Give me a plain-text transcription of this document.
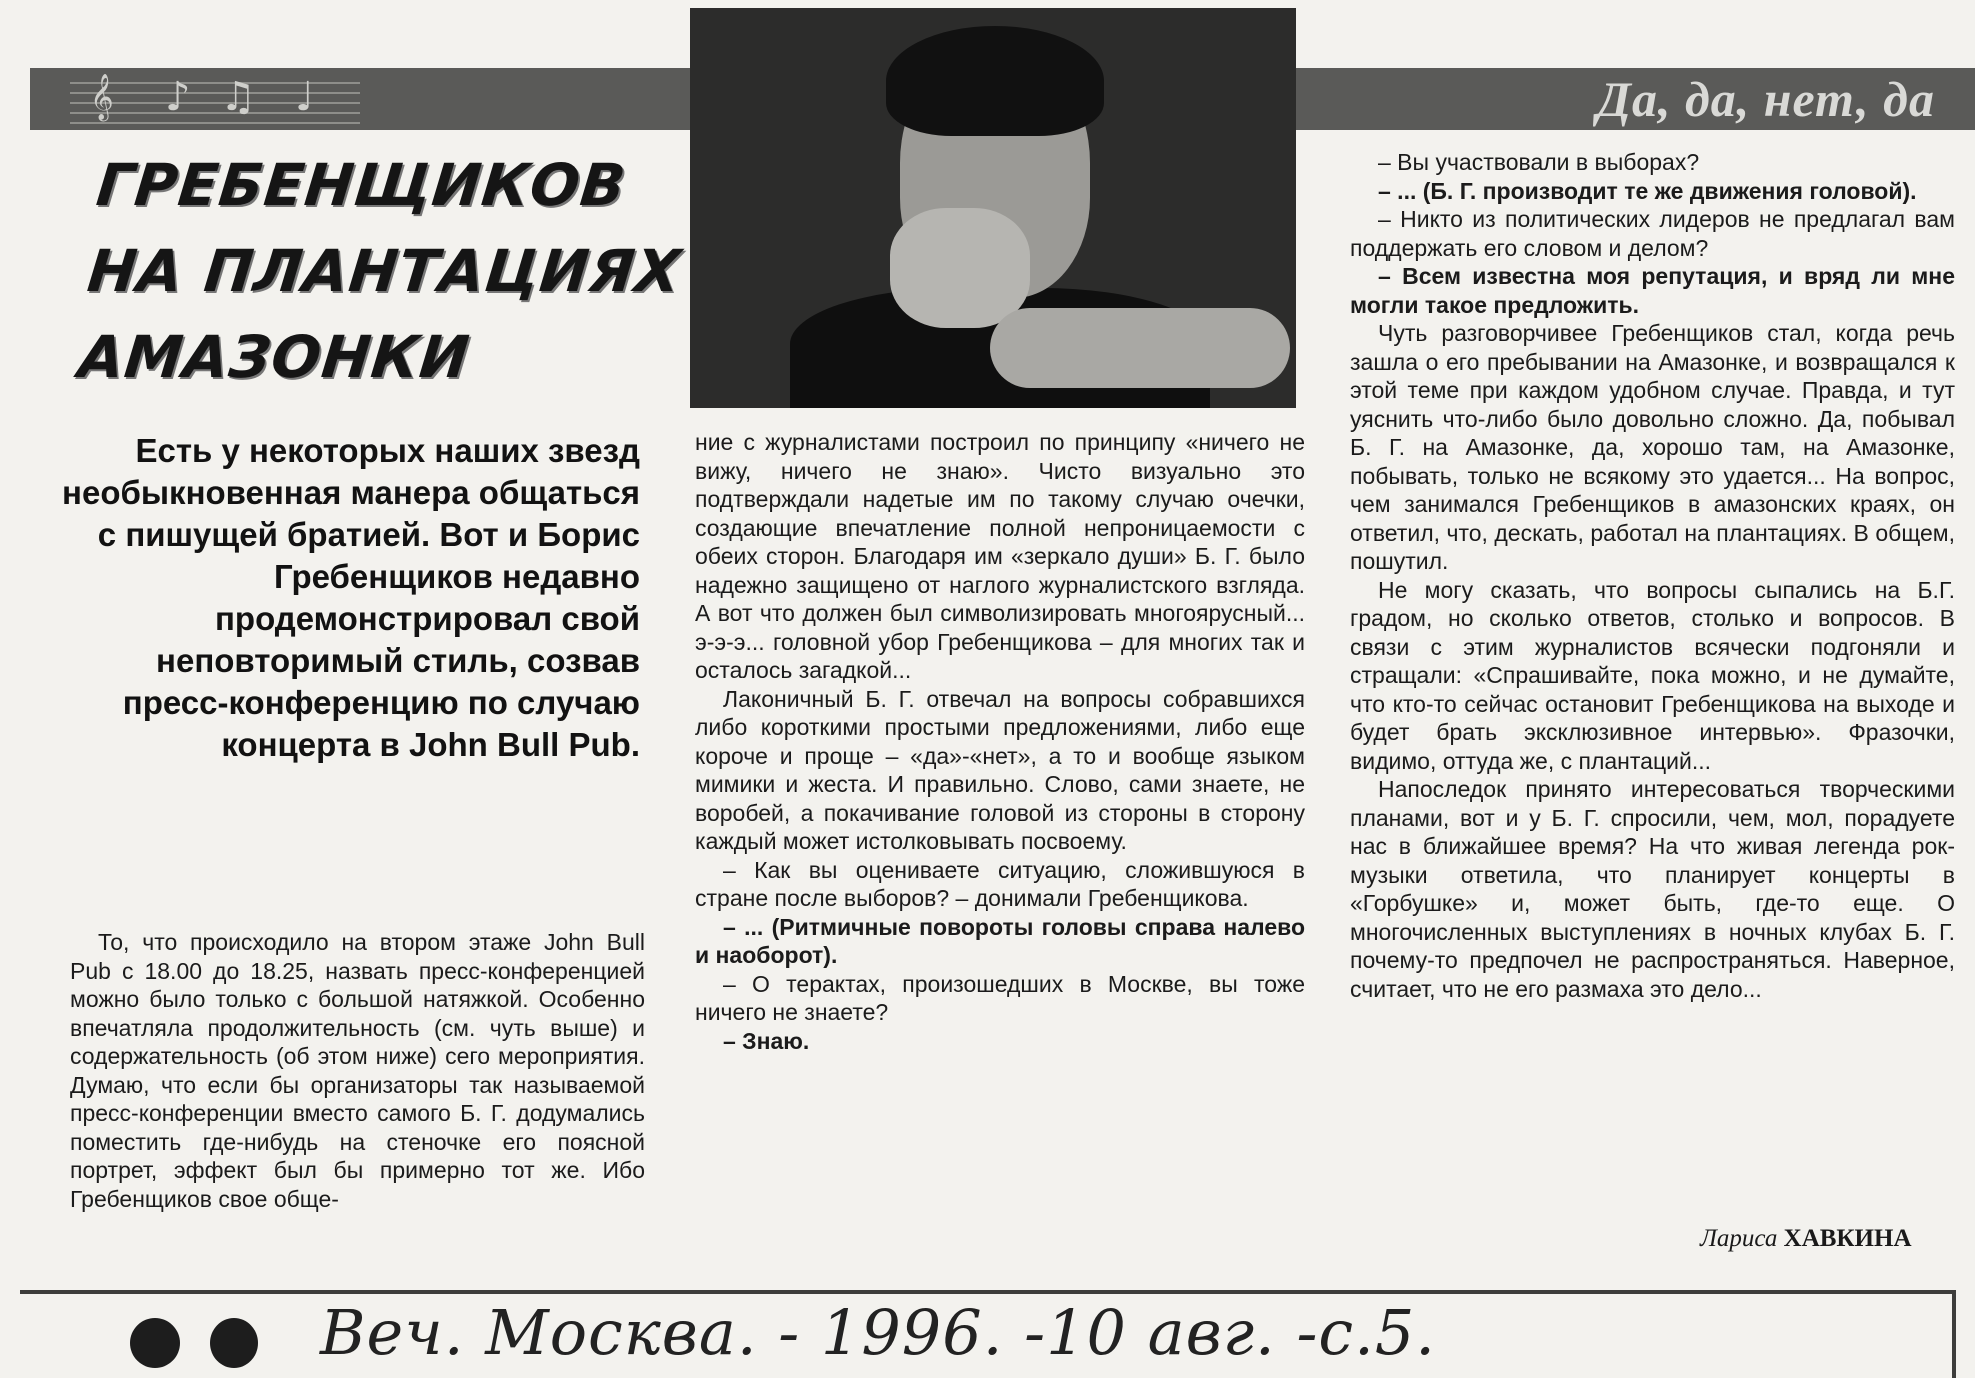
𝄞 ♪ ♫ ♩	Да, да, нет, да
ГРЕБЕНЩИКОВ
НА ПЛАНТАЦИЯХ
АМАЗОНКИ
Есть у некоторых наших звезд необыкновенная манера общаться с пишущей братией. Вот и Борис Гребенщиков недавно продемонстрировал свой неповторимый стиль, созвав пресс-конференцию по случаю концерта в John Bull Pub.

То, что происходило на втором этаже John Bull Pub с 18.00 до 18.25, назвать пресс-конференцией можно было только с большой натяжкой. Особенно впечатляла продолжительность (см. чуть выше) и содержательность (об этом ниже) сего мероприятия. Думаю, что если бы организаторы так называемой пресс-конференции вместо самого Б. Г. додумались поместить где-нибудь на стеночке его поясной портрет, эффект был бы примерно тот же. Ибо Гребенщиков свое обще-

ние с журналистами построил по принципу «ничего не вижу, ничего не знаю». Чисто визуально это подтверждали надетые им по такому случаю очечки, создающие впечатление полной непроницаемости с обеих сторон. Благодаря им «зеркало души» Б. Г. было надежно защищено от наглого журналистского взгляда. А вот что должен был символизировать многоярусный... э-э-э... головной убор Гребенщикова – для многих так и осталось загадкой...

Лаконичный Б. Г. отвечал на вопросы собравшихся либо короткими простыми предложениями, либо еще короче и проще – «да»-«нет», а то и вообще языком мимики и жеста. И правильно. Слово, сами знаете, не воробей, а покачивание головой из стороны в сторону каждый может истолковывать посвоему.

– Как вы оцениваете ситуацию, сложившуюся в стране после выборов? – донимали Гребенщикова.

– ... (Ритмичные повороты головы справа налево и наоборот).

– О терактах, произошедших в Москве, вы тоже ничего не знаете?

– Знаю.

– Вы участвовали в выборах?

– ... (Б. Г. производит те же движения головой).

– Никто из политических лидеров не предлагал вам поддержать его словом и делом?

– Всем известна моя репутация, и вряд ли мне могли такое предложить.

Чуть разговорчивее Гребенщиков стал, когда речь зашла о его пребывании на Амазонке, и возвращался к этой теме при каждом удобном случае. Правда, и тут уяснить что-либо было довольно сложно. Да, побывал Б. Г. на Амазонке, да, хорошо там, на Амазонке, побывать, только не всякому это удается... На вопрос, чем занимался Гребенщиков в амазонских краях, он ответил, что, дескать, работал на плантациях. В общем, пошутил.

Не могу сказать, что вопросы сыпались на Б.Г. градом, но сколько ответов, столько и вопросов. В связи с этим журналистов всячески подгоняли и стращали: «Спрашивайте, пока можно, и не думайте, что кто-то сейчас остановит Гребенщикова на выходе и будет брать эксклюзивное интервью». Фразочки, видимо, оттуда же, с плантаций...

Напоследок принято интересоваться творческими планами, вот и у Б. Г. спросили, чем, мол, порадуете нас в ближайшее время? На что живая легенда рок-музыки ответила, что планирует концерты в «Горбушке» и, может быть, где-то еще. О многочисленных выступлениях в ночных клубах Б. Г. почему-то предпочел не распространяться. Наверное, считает, что не его размаха это дело...

Лариса ХАВКИНА
Веч. Москва. - 1996. -10 авг. -с.5.
